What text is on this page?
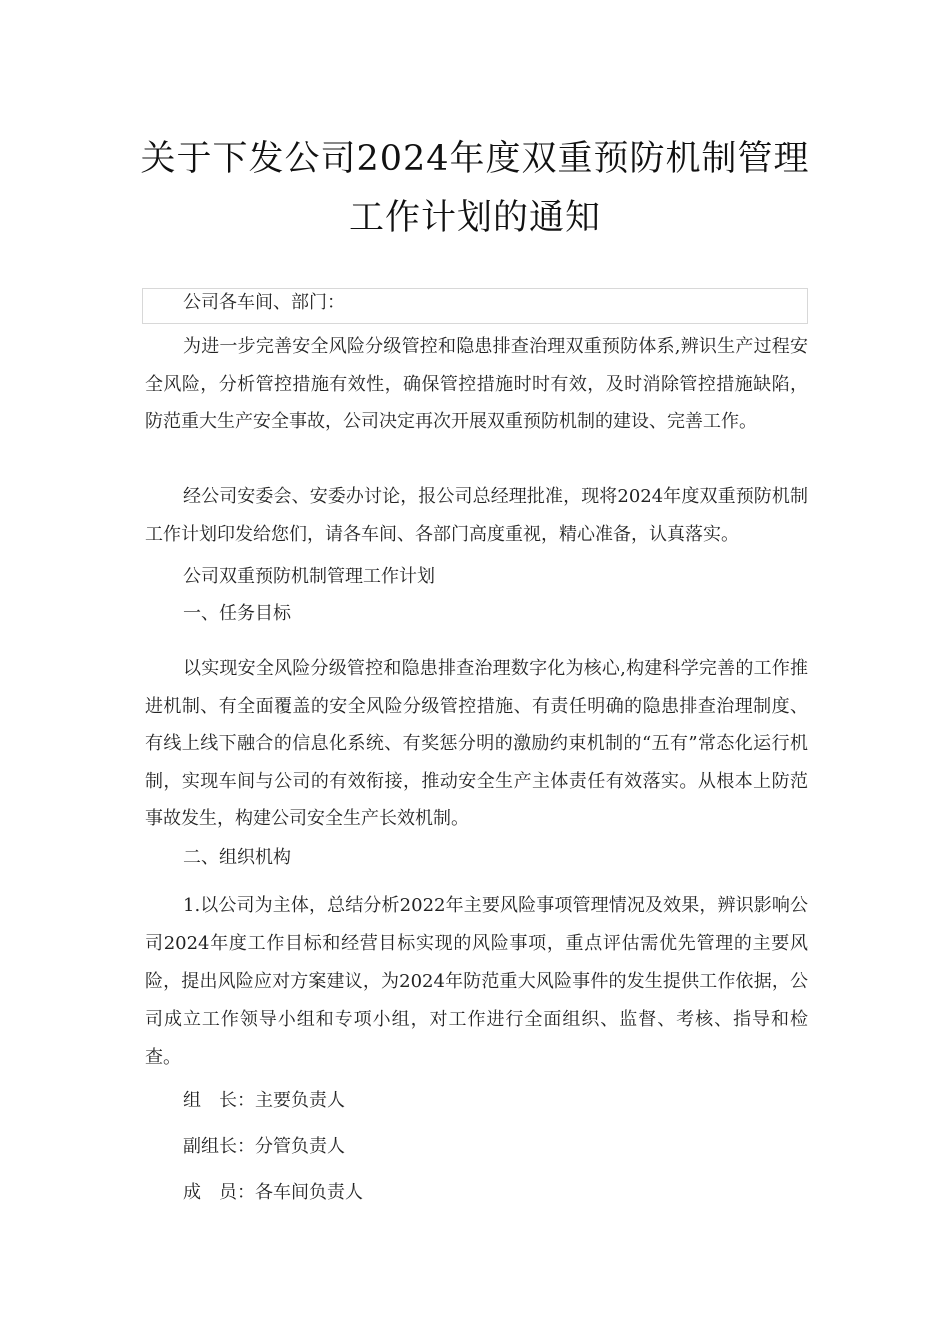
关于下发公司2024年度双重预防机制管理
工作计划的通知
公司各车间、部门：

为进一步完善安全风险分级管控和隐患排查治理双重预防体系,辨识生产过程安全风险，分析管控措施有效性，确保管控措施时时有效，及时消除管控措施缺陷，防范重大生产安全事故，公司决定再次开展双重预防机制的建设、完善工作。

经公司安委会、安委办讨论，报公司总经理批准，现将2024年度双重预防机制工作计划印发给您们，请各车间、各部门高度重视，精心准备，认真落实。

公司双重预防机制管理工作计划

一、任务目标

以实现安全风险分级管控和隐患排查治理数字化为核心,构建科学完善的工作推进机制、有全面覆盖的安全风险分级管控措施、有责任明确的隐患排查治理制度、有线上线下融合的信息化系统、有奖惩分明的激励约束机制的“五有”常态化运行机制，实现车间与公司的有效衔接，推动安全生产主体责任有效落实。从根本上防范事故发生，构建公司安全生产长效机制。

二、组织机构

1.以公司为主体，总结分析2022年主要风险事项管理情况及效果，辨识影响公司2024年度工作目标和经营目标实现的风险事项，重点评估需优先管理的主要风险，提出风险应对方案建议，为2024年防范重大风险事件的发生提供工作依据，公司成立工作领导小组和专项小组，对工作进行全面组织、监督、考核、指导和检查。

组　长：主要负责人
副组长：分管负责人
成　员：各车间负责人
